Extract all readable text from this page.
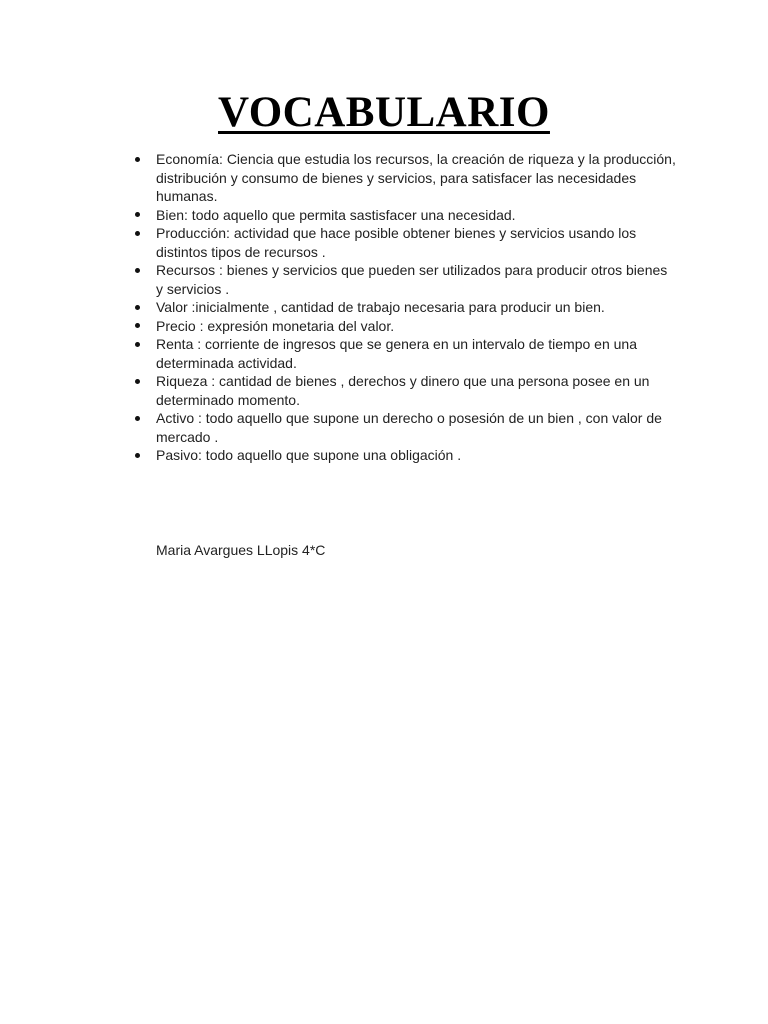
VOCABULARIO
Economía: Ciencia que estudia los recursos, la creación de riqueza y la producción, distribución y consumo de bienes y servicios, para satisfacer las necesidades humanas.
Bien: todo aquello que permita sastisfacer una necesidad.
Producción: actividad que hace posible obtener bienes y servicios usando los distintos tipos de recursos .
Recursos : bienes y servicios que pueden ser utilizados para producir otros bienes y servicios .
Valor :inicialmente , cantidad de trabajo necesaria para producir un bien.
Precio : expresión monetaria del valor.
Renta : corriente de ingresos que se genera en un intervalo de tiempo en una determinada actividad.
Riqueza : cantidad de bienes , derechos y dinero que una persona posee en un determinado momento.
Activo : todo aquello que supone un derecho o posesión de un bien , con valor de mercado .
Pasivo: todo aquello que supone una obligación .

Maria Avargues LLopis 4*C
